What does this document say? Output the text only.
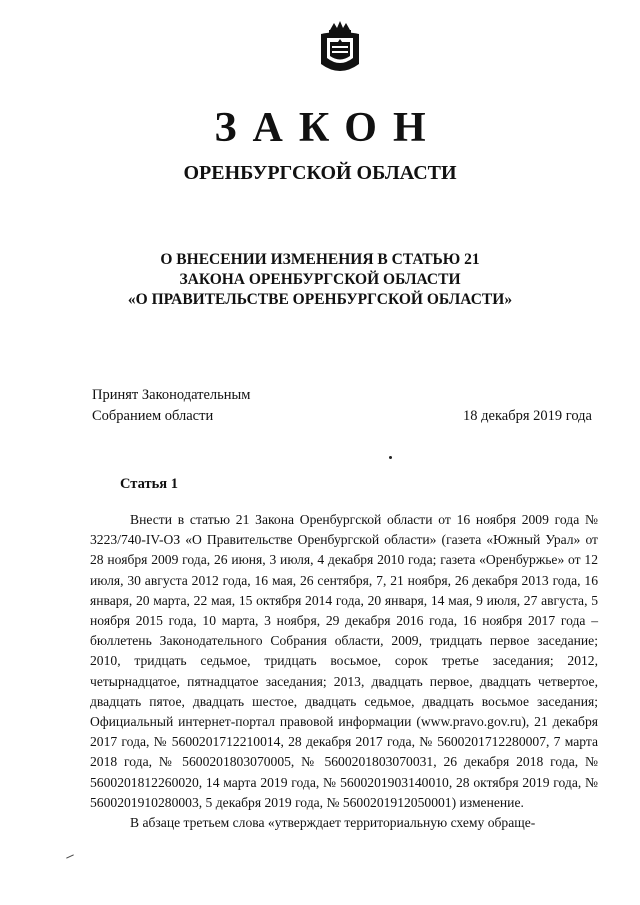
ЗАКОН
ОРЕНБУРГСКОЙ ОБЛАСТИ
О ВНЕСЕНИИ ИЗМЕНЕНИЯ В СТАТЬЮ 21
ЗАКОНА ОРЕНБУРГСКОЙ ОБЛАСТИ
«О ПРАВИТЕЛЬСТВЕ ОРЕНБУРГСКОЙ ОБЛАСТИ»
Принят Законодательным
Собранием области	18 декабря 2019 года
Статья 1

Внести в статью 21 Закона Оренбургской области от 16 ноября 2009 года № 3223/740-IV-ОЗ «О Правительстве Оренбургской области» (газета «Южный Урал» от 28 ноября 2009 года, 26 июня, 3 июля, 4 декабря 2010 года; газета «Оренбуржье» от 12 июля, 30 августа 2012 года, 16 мая, 26 сентября, 7, 21 ноября, 26 декабря 2013 года, 16 января, 20 марта, 22 мая, 15 октября 2014 года, 20 января, 14 мая, 9 июля, 27 августа, 5 ноября 2015 года, 10 марта, 3 ноября, 29 декабря 2016 года, 16 ноября 2017 года – бюллетень Законодательного Собрания области, 2009, тридцать первое заседание; 2010, тридцать седьмое, тридцать восьмое, сорок третье заседания; 2012, четырнадцатое, пятнадцатое заседания; 2013, двадцать первое, двадцать четвертое, двадцать пятое, двадцать шестое, двадцать седьмое, двадцать восьмое заседания; Официальный интернет-портал правовой информации (www.pravo.gov.ru), 21 декабря 2017 года, № 5600201712210014, 28 декабря 2017 года, № 5600201712280007, 7 марта 2018 года, № 5600201803070005, № 5600201803070031, 26 декабря 2018 года, № 5600201812260020, 14 марта 2019 года, № 5600201903140010, 28 октября 2019 года, № 5600201910280003, 5 декабря 2019 года, № 5600201912050001) изменение.

В абзаце третьем слова «утверждает территориальную схему обраще-
